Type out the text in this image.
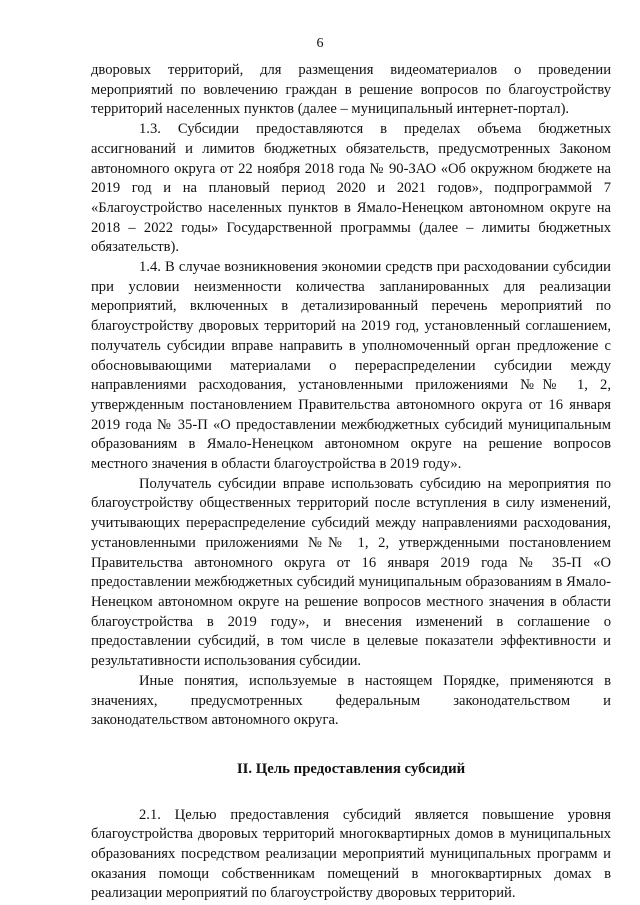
6

дворовых территорий, для размещения видеоматериалов о проведении мероприятий по вовлечению граждан в решение вопросов по благоустройству территорий населенных пунктов (далее – муниципальный интернет-портал).

1.3. Субсидии предоставляются в пределах объема бюджетных ассигнований и лимитов бюджетных обязательств, предусмотренных Законом автономного округа от 22 ноября 2018 года № 90-ЗАО «Об окружном бюджете на 2019 год и на плановый период 2020 и 2021 годов», подпрограммой 7 «Благоустройство населенных пунктов в Ямало-Ненецком автономном округе на 2018 – 2022 годы» Государственной программы (далее – лимиты бюджетных обязательств).

1.4. В случае возникновения экономии средств при расходовании субсидии при условии неизменности количества запланированных для реализации мероприятий, включенных в детализированный перечень мероприятий по благоустройству дворовых территорий на 2019 год, установленный соглашением, получатель субсидии вправе направить в уполномоченный орган предложение с обосновывающими материалами о перераспределении субсидии между направлениями расходования, установленными приложениями №№ 1, 2, утвержденным постановлением Правительства автономного округа от 16 января 2019 года № 35-П «О предоставлении межбюджетных субсидий муниципальным образованиям в Ямало-Ненецком автономном округе на решение вопросов местного значения в области благоустройства в 2019 году».

Получатель субсидии вправе использовать субсидию на мероприятия по благоустройству общественных территорий после вступления в силу изменений, учитывающих перераспределение субсидий между направлениями расходования, установленными приложениями №№ 1, 2, утвержденными постановлением Правительства автономного округа от 16 января 2019 года № 35-П «О предоставлении межбюджетных субсидий муниципальным образованиям в Ямало-Ненецком автономном округе на решение вопросов местного значения в области благоустройства в 2019 году», и внесения изменений в соглашение о предоставлении субсидий, в том числе в целевые показатели эффективности и результативности использования субсидии.

Иные понятия, используемые в настоящем Порядке, применяются в значениях, предусмотренных федеральным законодательством и законодательством автономного округа.

II. Цель предоставления субсидий

2.1. Целью предоставления субсидий является повышение уровня благоустройства дворовых территорий многоквартирных домов в муниципальных образованиях посредством реализации мероприятий муниципальных программ и оказания помощи собственникам помещений в многоквартирных домах в реализации мероприятий по благоустройству дворовых территорий.
